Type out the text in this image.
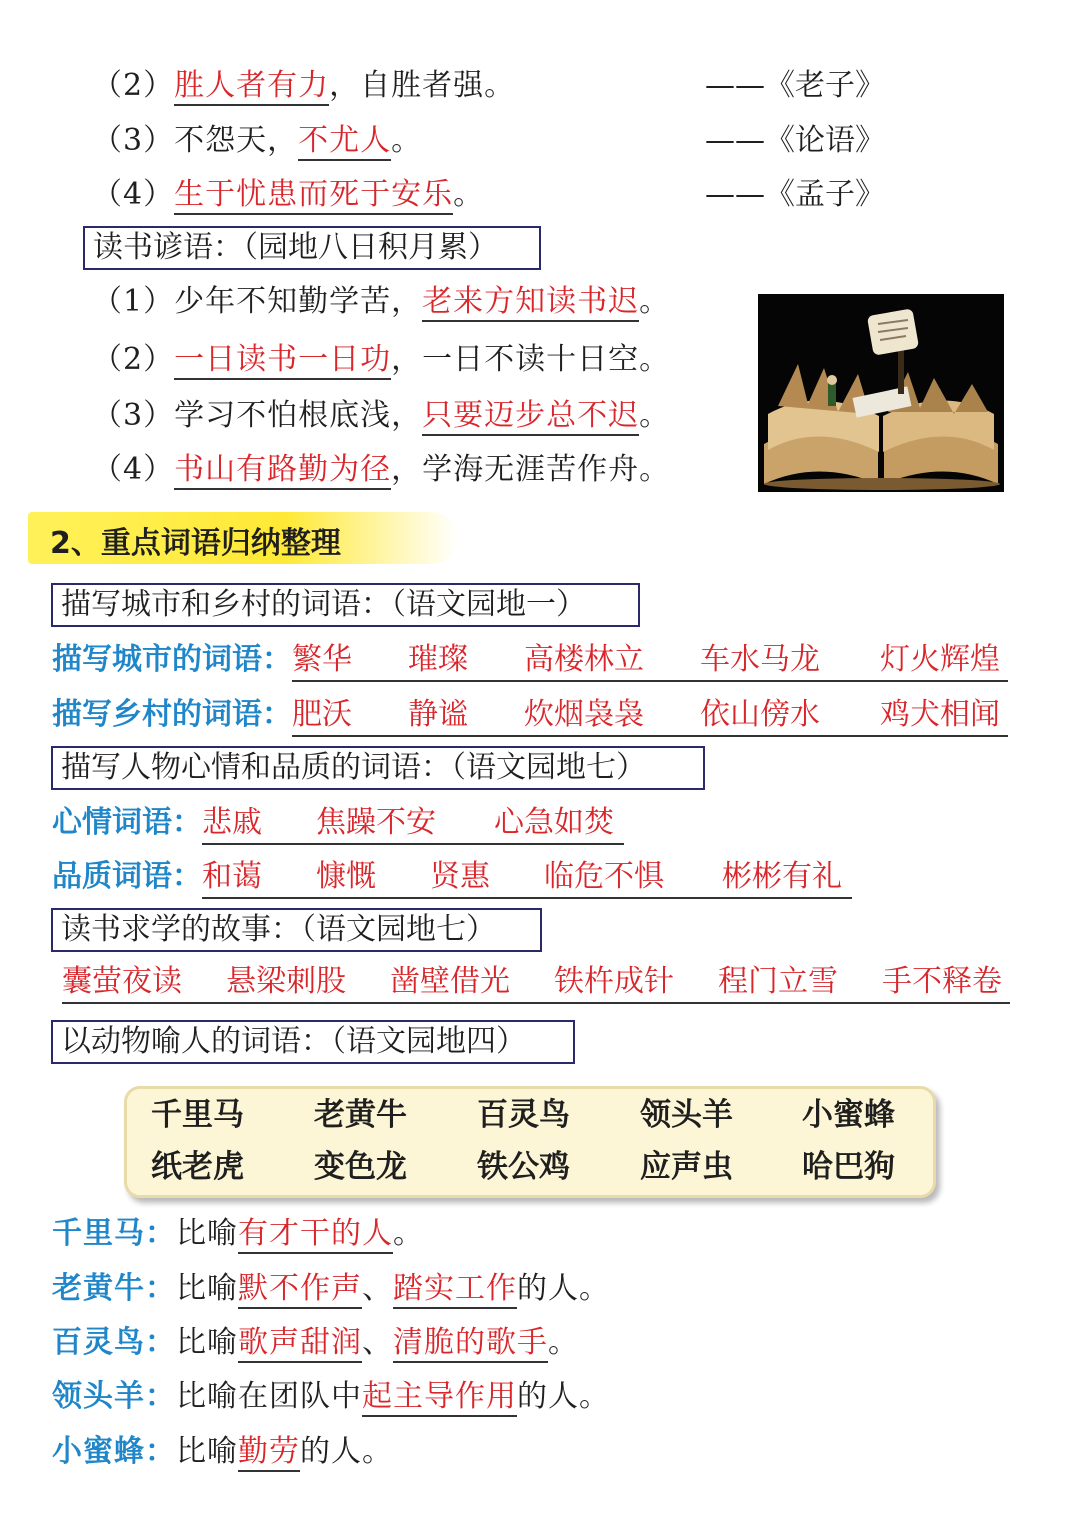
（2）胜人者有力，自胜者强。	——《老子》
（3）不怨天，不尤人。	——《论语》
（4）生于忧患而死于安乐。	——《孟子》
读书谚语：（园地八日积月累）
（1）少年不知勤学苦，老来方知读书迟。
（2）一日读书一日功，一日不读十日空。
（3）学习不怕根底浅，只要迈步总不迟。
（4）书山有路勤为径，学海无涯苦作舟。
2、重点词语归纳整理
描写城市和乡村的词语：（语文园地一）
描写城市的词语： 繁华	璀璨	高楼林立	车水马龙	灯火辉煌
描写乡村的词语： 肥沃	静谧	炊烟袅袅	依山傍水	鸡犬相闻
描写人物心情和品质的词语：（语文园地七）
心情词语： 悲戚	焦躁不安	心急如焚
品质词语： 和蔼	慷慨	贤惠	临危不惧	彬彬有礼
读书求学的故事：（语文园地七）
囊萤夜读	悬梁刺股	凿壁借光	铁杵成针	程门立雪	手不释卷
以动物喻人的词语：（语文园地四）
千里马 老黄牛 百灵鸟 领头羊 小蜜蜂
纸老虎 变色龙 铁公鸡 应声虫 哈巴狗
千里马：比喻有才干的人。
老黄牛：比喻默不作声、踏实工作的人。
百灵鸟：比喻歌声甜润、清脆的歌手。
领头羊：比喻在团队中起主导作用的人。
小蜜蜂：比喻勤劳的人。
